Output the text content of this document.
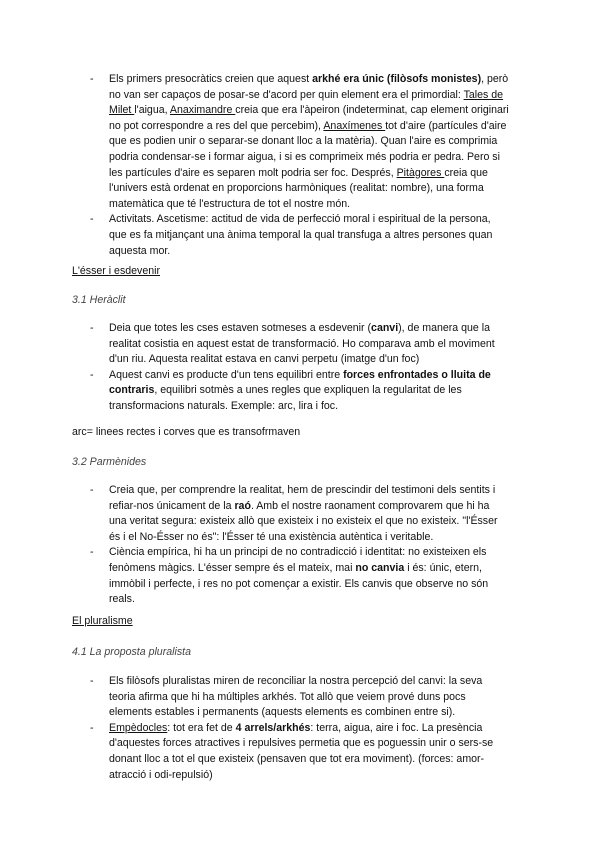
- Els primers presocràtics creien que aquest arkhé era únic (filòsofs monistes), però no van ser capaços de posar-se d'acord per quin element era el primordial: Tales de Milet l'aigua, Anaximandre creia que era l'àpeiron (indeterminat, cap element originari no pot correspondre a res del que percebim), Anaxímenes tot d'aire (partícules d'aire que es podien unir o separar-se donant lloc a la matèria). Quan l'aire es comprimia podria condensar-se i formar aigua, i si es comprimeix més podria er pedra. Pero si les partícules d'aire es separen molt podria ser foc. Després, Pitàgores creia que l'univers està ordenat en proporcions harmòniques (realitat: nombre), una forma matemàtica que té l'estructura de tot el nostre món.
- Activitats. Ascetisme: actitud de vida de perfecció moral i espiritual de la persona, que es fa mitjançant una ànima temporal la qual transfuga a altres persones quan aquesta mor.
L'ésser i esdevenir
3.1 Heràclit
- Deia que totes les cses estaven sotmeses a esdevenir (canvi), de manera que la realitat cosistia en aquest estat de transformació. Ho comparava amb el moviment d'un riu. Aquesta realitat estava en canvi perpetu (imatge d'un foc)
- Aquest canvi es producte d'un tens equilibri entre forces enfrontades o lluita de contraris, equilibri sotmès a unes regles que expliquen la regularitat de les transformacions naturals. Exemple: arc, lira i foc.
arc= linees rectes i corves que es transofrmaven
3.2 Parmènides
- Creia que, per comprendre la realitat, hem de prescindir del testimoni dels sentits i refiar-nos únicament de la raó. Amb el nostre raonament comprovarem que hi ha una veritat segura: existeix allò que existeix i no existeix el que no existeix. "l'Ésser és i el No-Ésser no és": l'Ésser té una existència autèntica i veritable.
- Ciència empírica, hi ha un principi de no contradicció i identitat: no existeixen els fenòmens màgics. L'ésser sempre és el mateix, mai no canvia i és: únic, etern, immòbil i perfecte, i res no pot començar a existir. Els canvis que observe no són reals.
El pluralisme
4.1 La proposta pluralista
- Els filòsofs pluralistas miren de reconciliar la nostra percepció del canvi: la seva teoria afirma que hi ha múltiples arkhés. Tot allò que veiem prové duns pocs elements estables i permanents (aquests elements es combinen entre si).
- Empèdocles: tot era fet de 4 arrels/arkhés: terra, aigua, aire i foc. La presència d'aquestes forces atractives i repulsives permetia que es poguessin unir o sers-se donant lloc a tot el que existeix (pensaven que tot era moviment). (forces: amor-atracció i odi-repulsió)
